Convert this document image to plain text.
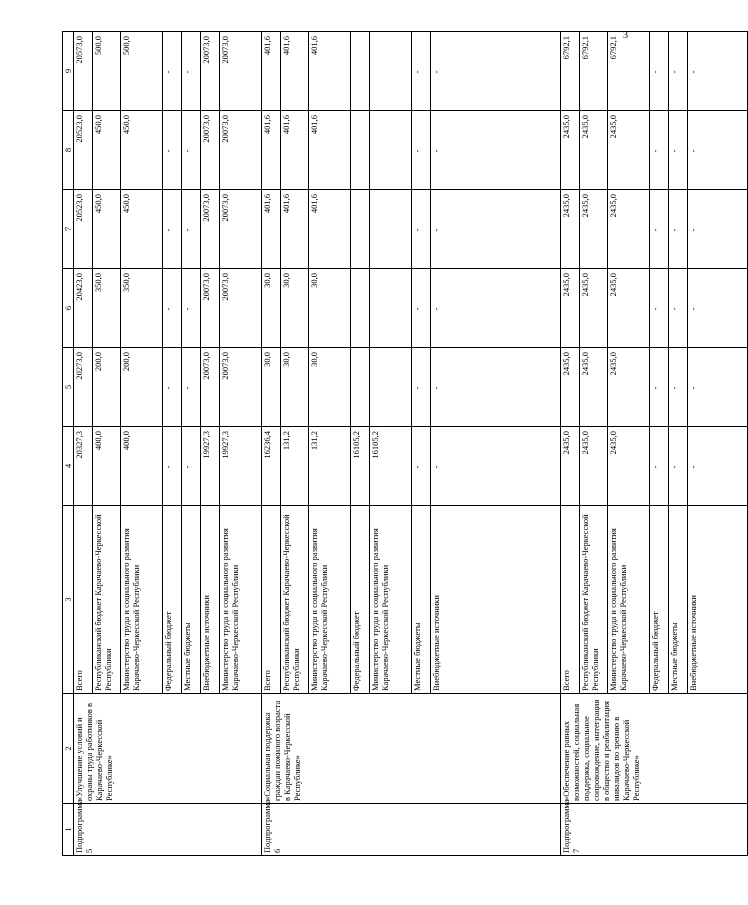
3
1	2	3	4	5	6	7	8	9
Подпрограмма 5	«Улучшение условий и охраны труда работников в Карачаево-Черкесской Республике»	Всего	20327,3	20273,0	20423,0	20523,0	20523,0	20573,0
		Республиканский бюджет Карачаево-Черкесской Республики	400,0	200,0	350,0	450,0	450,0	500,0
		Министерство труда и социального развития Карачаево-Черкесской Республики	400,0	200,0	350,0	450,0	450,0	500,0
		Федеральный бюджет	-	-	-	-	-	-
		Местные бюджеты	-	-	-	-	-	-
		Внебюджетные источники	19927,3	20073,0	20073,0	20073,0	20073,0	20073,0
		Министерство труда и социального развития Карачаево-Черкесской Республики	19927,3	20073,0	20073,0	20073,0	20073,0	20073,0
Подпрограмма 6	«Социальная поддержка граждан пожилого возраста в Карачаево-Черкесской Республике»	Всего	16236,4	30,0	30,0	401,6	401,6	401,6
		Республиканский бюджет Карачаево-Черкесской Республики	131,2	30,0	30,0	401,6	401,6	401,6
		Министерство труда и социального развития Карачаево-Черкесской Республики	131,2	30,0	30,0	401,6	401,6	401,6
		Федеральный бюджет	16105,2					
		Министерство труда и социального развития Карачаево-Черкесской Республики	16105,2					
		Местные бюджеты	-	-	-	-	-	-
		Внебюджетные источники	-	-	-	-	-	-
Подпрограмма 7	«Обеспечение равных возможностей, социальная поддержка, социальное сопровождение, интеграция в общество и реабилитация инвалидов по зрению в Карачаево-Черкесской Республике»	Всего	2435,0	2435,0	2435,0	2435,0	2435,0	6792,1
		Республиканский бюджет Карачаево-Черкесской Республики	2435,0	2435,0	2435,0	2435,0	2435,0	6792,1
		Министерство труда и социального развития Карачаево-Черкесской Республики	2435,0	2435,0	2435,0	2435,0	2435,0	6792,1
		Федеральный бюджет	-	-	-	-	-	-
		Местные бюджеты	-	-	-	-	-	-
		Внебюджетные источники	-	-	-	-	-	-
